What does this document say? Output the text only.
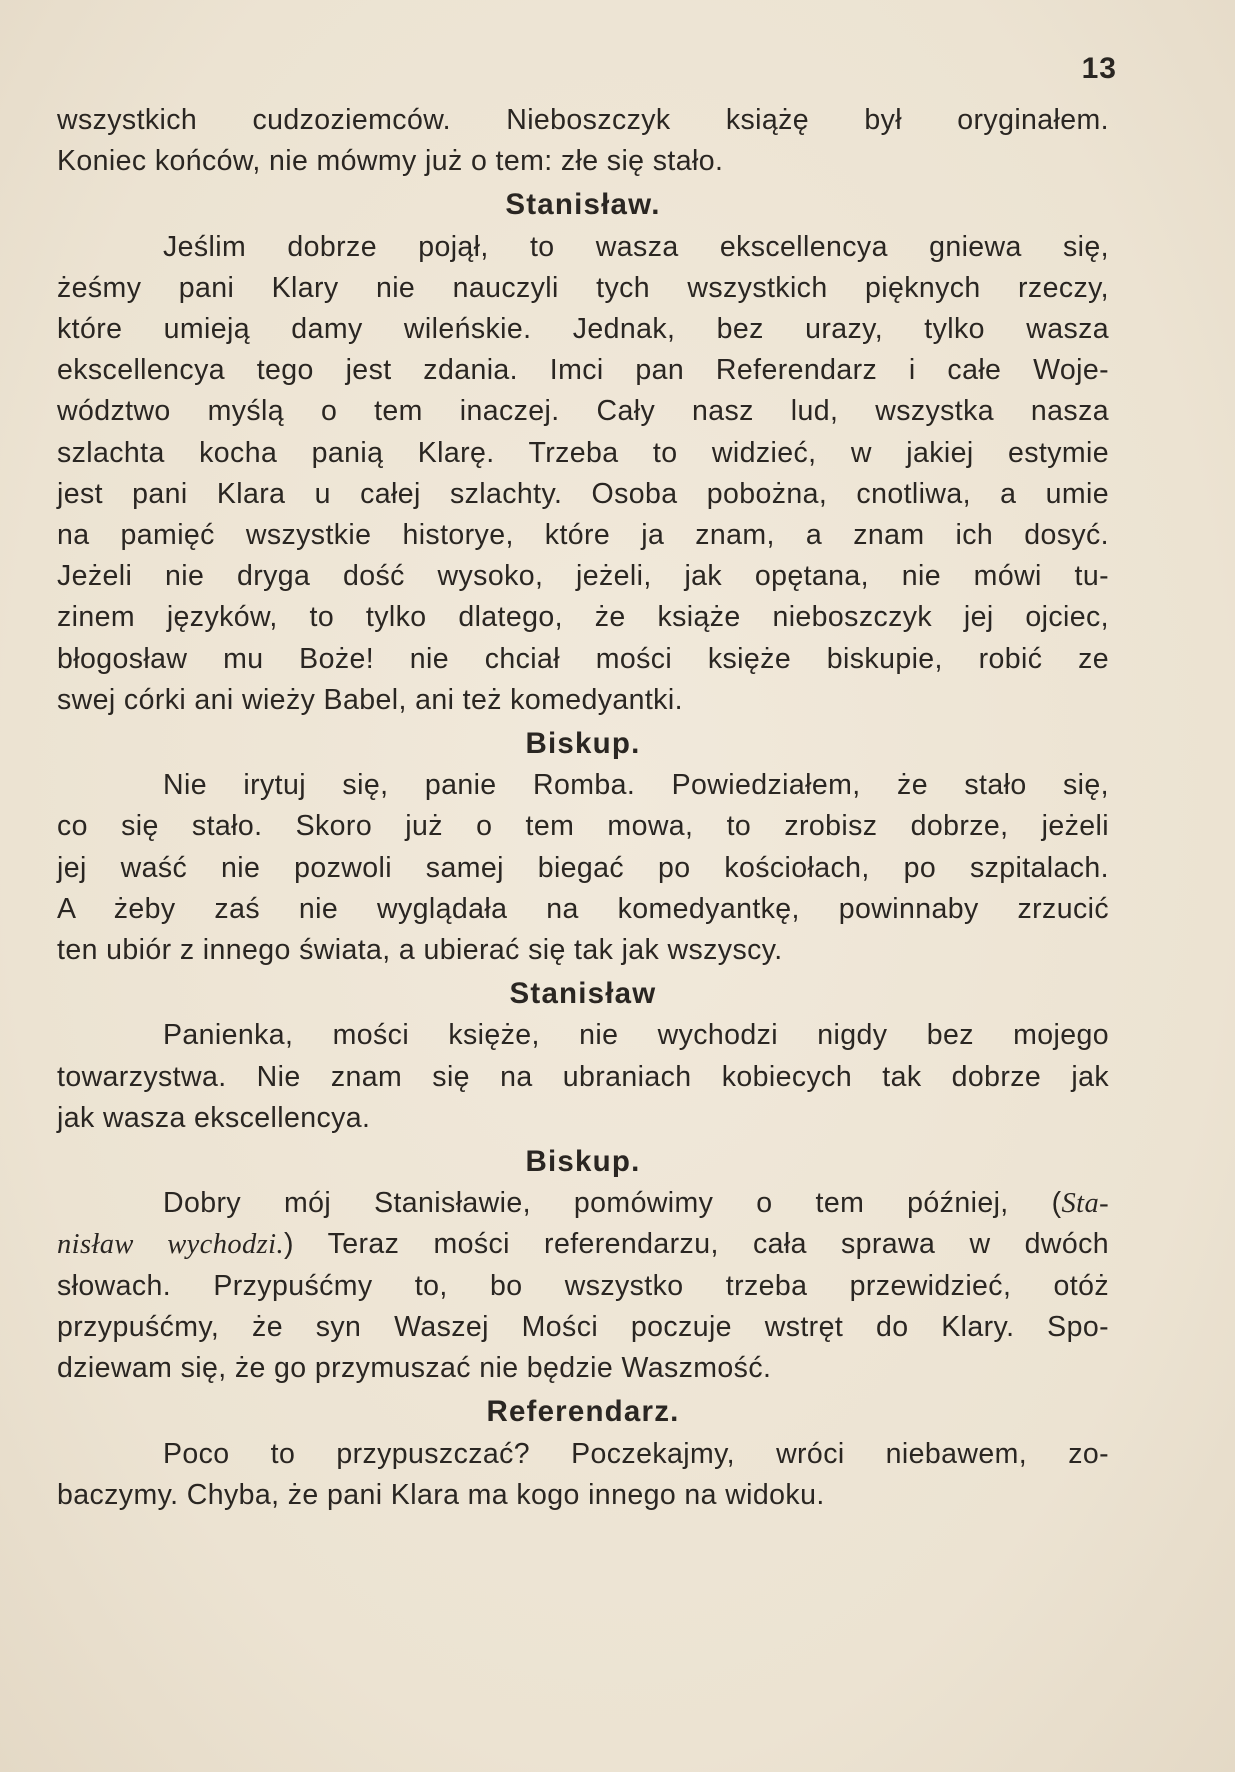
13
wszystkich cudzoziemców. Nieboszczyk książę był oryginałem.
Koniec końców, nie mówmy już o tem: złe się stało.
Stanisław.
Jeślim dobrze pojął, to wasza ekscellencya gniewa się,
żeśmy pani Klary nie nauczyli tych wszystkich pięknych rzeczy,
które umieją damy wileńskie. Jednak, bez urazy, tylko wasza
ekscellencya tego jest zdania. Imci pan Referendarz i całe Woje-
wództwo myślą o tem inaczej. Cały nasz lud, wszystka nasza
szlachta kocha panią Klarę. Trzeba to widzieć, w jakiej estymie
jest pani Klara u całej szlachty. Osoba pobożna, cnotliwa, a umie
na pamięć wszystkie historye, które ja znam, a znam ich dosyć.
Jeżeli nie dryga dość wysoko, jeżeli, jak opętana, nie mówi tu-
zinem języków, to tylko dlatego, że książe nieboszczyk jej ojciec,
błogosław mu Boże! nie chciał mości księże biskupie, robić ze
swej córki ani wieży Babel, ani też komedyantki.
Biskup.
Nie irytuj się, panie Romba. Powiedziałem, że stało się,
co się stało. Skoro już o tem mowa, to zrobisz dobrze, jeżeli
jej waść nie pozwoli samej biegać po kościołach, po szpitalach.
A żeby zaś nie wyglądała na komedyantkę, powinnaby zrzucić
ten ubiór z innego świata, a ubierać się tak jak wszyscy.
Stanisław
Panienka, mości księże, nie wychodzi nigdy bez mojego
towarzystwa. Nie znam się na ubraniach kobiecych tak dobrze jak
jak wasza ekscellencya.
Biskup.
Dobry mój Stanisławie, pomówimy o tem później, (Sta-
nisław wychodzi.) Teraz mości referendarzu, cała sprawa w dwóch
słowach. Przypuśćmy to, bo wszystko trzeba przewidzieć, otóż
przypuśćmy, że syn Waszej Mości poczuje wstręt do Klary. Spo-
dziewam się, że go przymuszać nie będzie Waszmość.
Referendarz.
Poco to przypuszczać? Poczekajmy, wróci niebawem, zo-
baczymy. Chyba, że pani Klara ma kogo innego na widoku.
